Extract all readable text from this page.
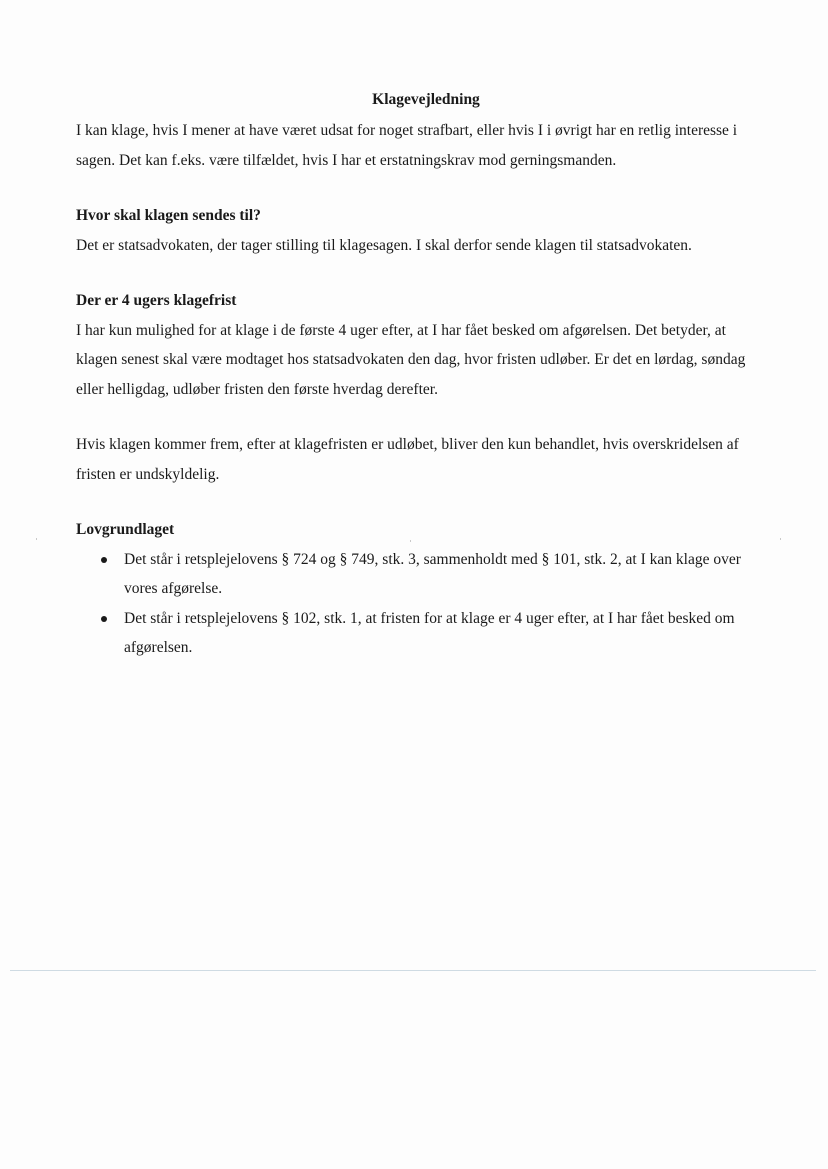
Klagevejledning

I kan klage, hvis I mener at have været udsat for noget strafbart, eller hvis I i øvrigt har en retlig interesse i sagen. Det kan f.eks. være tilfældet, hvis I har et erstatningskrav mod gerningsmanden.

Hvor skal klagen sendes til?

Det er statsadvokaten, der tager stilling til klagesagen. I skal derfor sende klagen til statsadvokaten.

Der er 4 ugers klagefrist

I har kun mulighed for at klage i de første 4 uger efter, at I har fået besked om afgørelsen. Det betyder, at klagen senest skal være modtaget hos statsadvokaten den dag, hvor fristen udløber. Er det en lørdag, søndag eller helligdag, udløber fristen den første hverdag derefter.

Hvis klagen kommer frem, efter at klagefristen er udløbet, bliver den kun behandlet, hvis overskridelsen af fristen er undskyldelig.

Lovgrundlaget

Det står i retsplejelovens § 724 og § 749, stk. 3, sammenholdt med § 101, stk. 2, at I kan klage over vores afgørelse.
Det står i retsplejelovens § 102, stk. 1, at fristen for at klage er 4 uger efter, at I har fået besked om afgørelsen.
